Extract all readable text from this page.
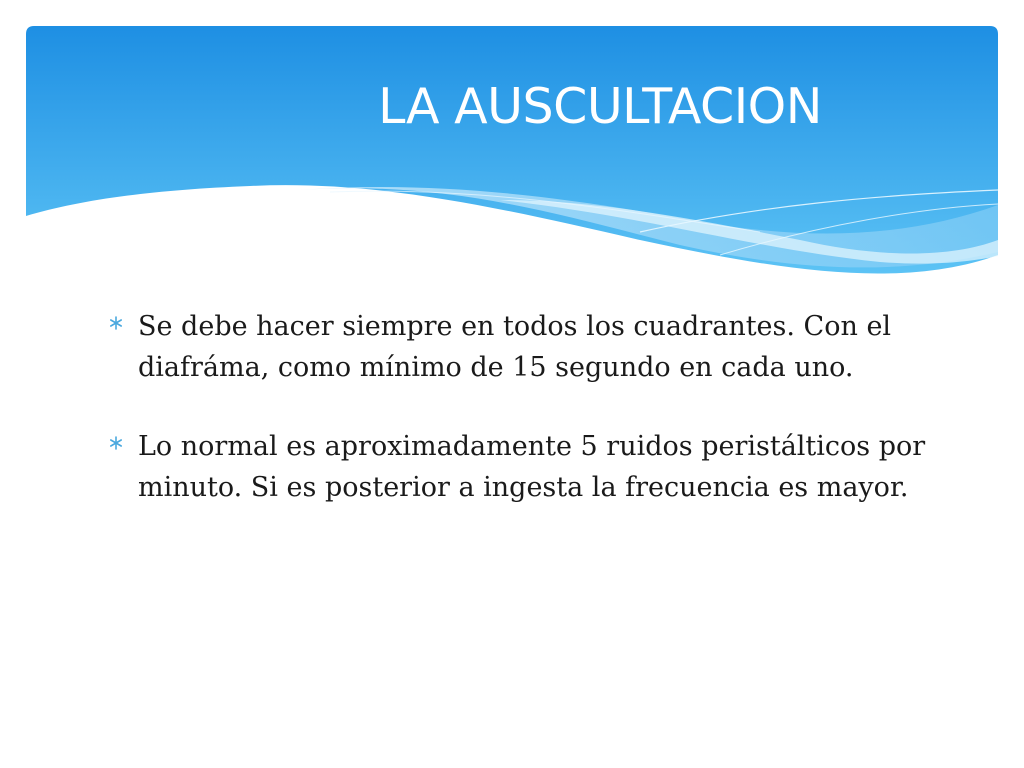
LA AUSCULTACION
Se debe hacer siempre en todos los cuadrantes. Con el diafráma, como mínimo de 15 segundo en cada uno.
Lo normal es aproximadamente 5 ruidos peristálticos por minuto. Si es posterior a ingesta la frecuencia es mayor.
